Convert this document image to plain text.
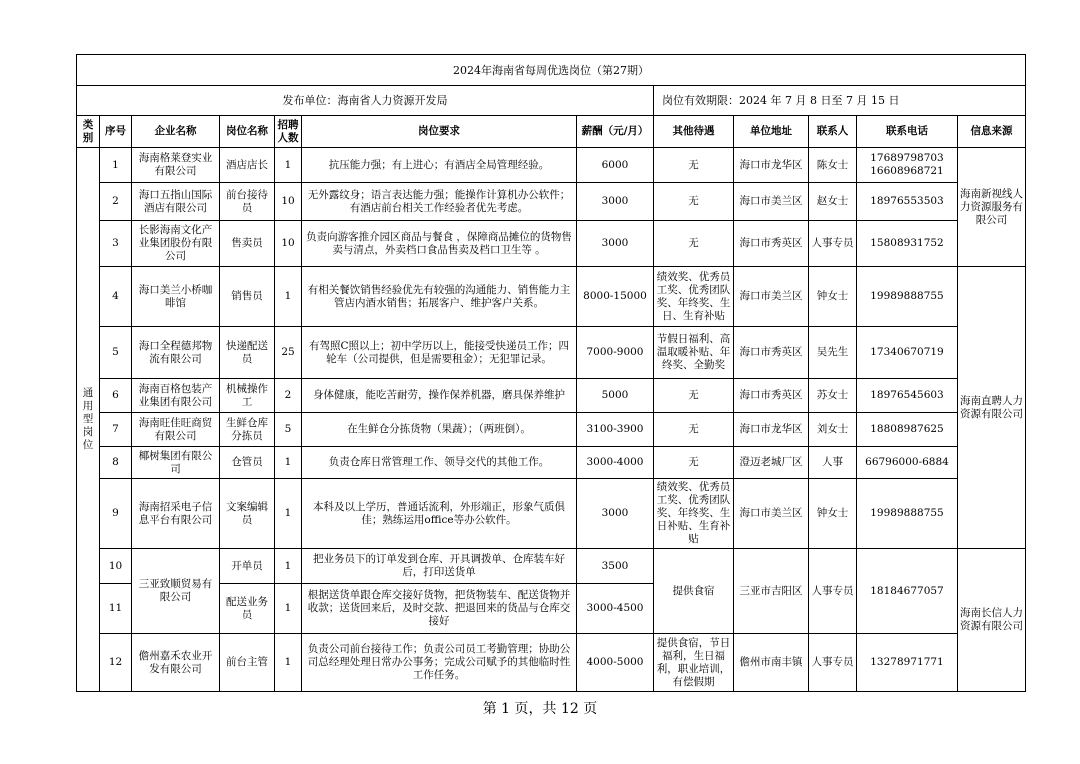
2024年海南省每周优选岗位（第27期）											
发布单位：海南省人力资源开发局							岗位有效期限：2024 年 7 月 8 日至 7 月 15 日				
类别	序号	企业名称	岗位名称	招聘人数	岗位要求	薪酬（元/月）	其他待遇	单位地址	联系人	联系电话	信息来源
通用型岗位	1	海南格莱登实业有限公司	酒店店长	1	抗压能力强；有上进心；有酒店全局管理经验。	6000	无	海口市龙华区	陈女士	17689798703 16608968721	海南新视线人力资源服务有限公司
	2	海口五指山国际酒店有限公司	前台接待员	10	无外露纹身；语言表达能力强；能操作计算机办公软件；有酒店前台相关工作经验者优先考虑。	3000	无	海口市美兰区	赵女士	18976553503	
	3	长影海南文化产业集团股份有限公司	售卖员	10	负责向游客推介园区商品与餐食 ，保障商品摊位的货物售卖与清点，外卖档口食品售卖及档口卫生等 。	3000	无	海口市秀英区	人事专员	15808931752	
	4	海口美兰小桥咖啡馆	销售员	1	有相关餐饮销售经验优先有较强的沟通能力、销售能力主管店内酒水销售；拓展客户、维护客户关系。	8000-15000	绩效奖、优秀员工奖、优秀团队奖、年终奖、生日、生育补贴	海口市美兰区	钟女士	19989888755	海南直聘人力资源有限公司
	5	海口全程德邦物流有限公司	快递配送员	25	有驾照C照以上；初中学历以上，能接受快递员工作；四轮车（公司提供，但是需要租金）；无犯罪记录。	7000-9000	节假日福利、高温取暖补贴、年终奖、全勤奖	海口市秀英区	吴先生	17340670719	
	6	海南百格包装产业集团有限公司	机械操作工	2	身体健康，能吃苦耐劳，操作保养机器，磨具保养维护	5000	无	海口市秀英区	苏女士	18976545603	
	7	海南旺佳旺商贸有限公司	生鲜仓库分拣员	5	在生鲜仓分拣货物（果蔬）；（两班倒）。	3100-3900	无	海口市龙华区	刘女士	18808987625	
	8	椰树集团有限公司	仓管员	1	负责仓库日常管理工作、领导交代的其他工作。	3000-4000	无	澄迈老城厂区	人事	66796000-6884	
	9	海南招采电子信息平台有限公司	文案编辑员	1	本科及以上学历，普通话流利，外形端正，形象气质俱佳；熟练运用office等办公软件。	3000	绩效奖、优秀员工奖、优秀团队奖、年终奖、生日补贴、生育补贴	海口市美兰区	钟女士	19989888755	
	10	三亚致顺贸易有限公司	开单员	1	把业务员下的订单发到仓库、开具调拨单、仓库装车好后，打印送货单	3500	提供食宿	三亚市吉阳区	人事专员	18184677057	海南长信人力资源有限公司
	11		配送业务员	1	根据送货单跟仓库交接好货物，把货物装车、配送货物并收款；送货回来后，及时交款、把退回来的货品与仓库交接好	3000-4500					
	12	儋州嘉禾农业开发有限公司	前台主管	1	负责公司前台接待工作；负责公司员工考勤管理；协助公司总经理处理日常办公事务；完成公司赋予的其他临时性工作任务。	4000-5000	提供食宿，节日福利，生日福利，职业培训，有偿假期	儋州市南丰镇	人事专员	13278971771	
第 1 页，共 12 页
